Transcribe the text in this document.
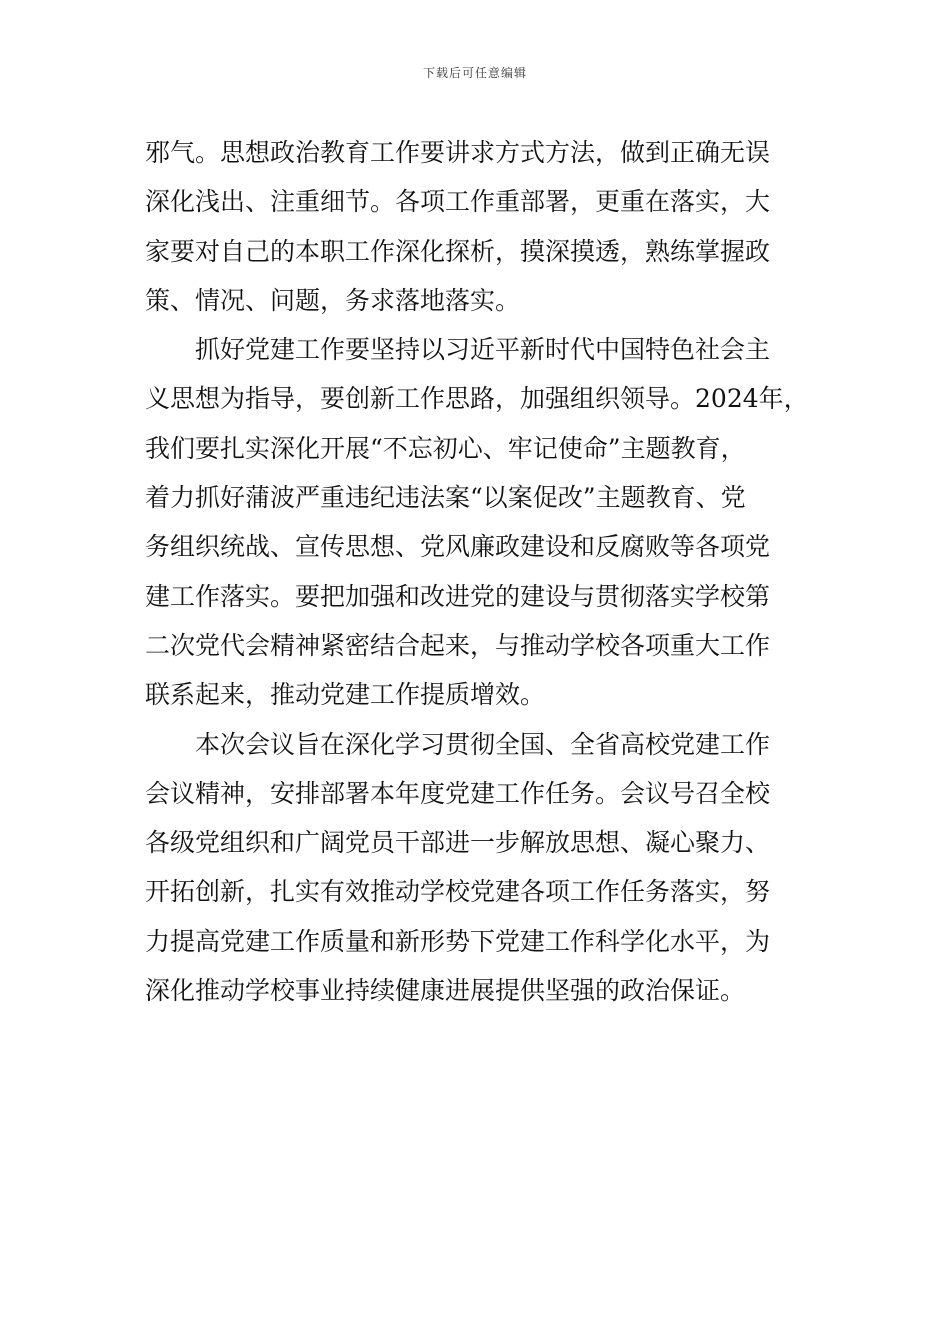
下载后可任意编辑
邪气。思想政治教育工作要讲求方式方法，做到正确无误
深化浅出、注重细节。各项工作重部署，更重在落实，大
家要对自己的本职工作深化探析，摸深摸透，熟练掌握政
策、情况、问题，务求落地落实。
抓好党建工作要坚持以习近平新时代中国特色社会主
义思想为指导，要创新工作思路，加强组织领导。2024年，
我们要扎实深化开展“不忘初心、牢记使命”主题教育，
着力抓好蒲波严重违纪违法案“以案促改”主题教育、党
务组织统战、宣传思想、党风廉政建设和反腐败等各项党
建工作落实。要把加强和改进党的建设与贯彻落实学校第
二次党代会精神紧密结合起来，与推动学校各项重大工作
联系起来，推动党建工作提质增效。
本次会议旨在深化学习贯彻全国、全省高校党建工作
会议精神，安排部署本年度党建工作任务。会议号召全校
各级党组织和广阔党员干部进一步解放思想、凝心聚力、
开拓创新，扎实有效推动学校党建各项工作任务落实，努
力提高党建工作质量和新形势下党建工作科学化水平，为
深化推动学校事业持续健康进展提供坚强的政治保证。
